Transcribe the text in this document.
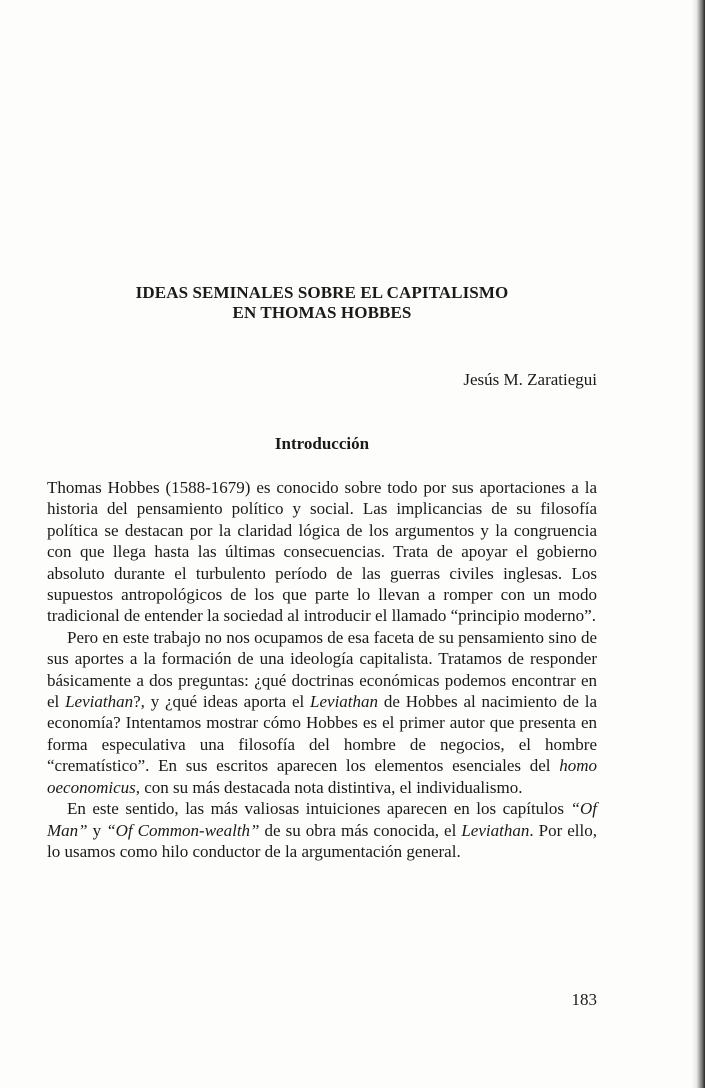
IDEAS SEMINALES SOBRE EL CAPITALISMO
EN THOMAS HOBBES
Jesús M. Zaratiegui
Introducción

Thomas Hobbes (1588-1679) es conocido sobre todo por sus aportaciones a la historia del pensamiento político y social. Las implicancias de su filosofía política se destacan por la claridad lógica de los argumentos y la congruencia con que llega hasta las últimas consecuencias. Trata de apoyar el gobierno absoluto durante el turbulento período de las guerras civiles inglesas. Los supuestos antropológicos de los que parte lo llevan a romper con un modo tradicional de entender la sociedad al introducir el llamado “principio moderno”.

Pero en este trabajo no nos ocupamos de esa faceta de su pensamiento sino de sus aportes a la formación de una ideología capitalista. Tratamos de responder básicamente a dos preguntas: ¿qué doctrinas económicas podemos encontrar en el Leviathan?, y ¿qué ideas aporta el Leviathan de Hobbes al nacimiento de la economía? Intentamos mostrar cómo Hobbes es el primer autor que presenta en forma especulativa una filosofía del hombre de negocios, el hombre “crematístico”. En sus escritos aparecen los elementos esenciales del homo oeconomicus, con su más destacada nota distintiva, el individualismo.

En este sentido, las más valiosas intuiciones aparecen en los capítulos “Of Man” y “Of Common-wealth” de su obra más conocida, el Leviathan. Por ello, lo usamos como hilo conductor de la argumentación general.

183
